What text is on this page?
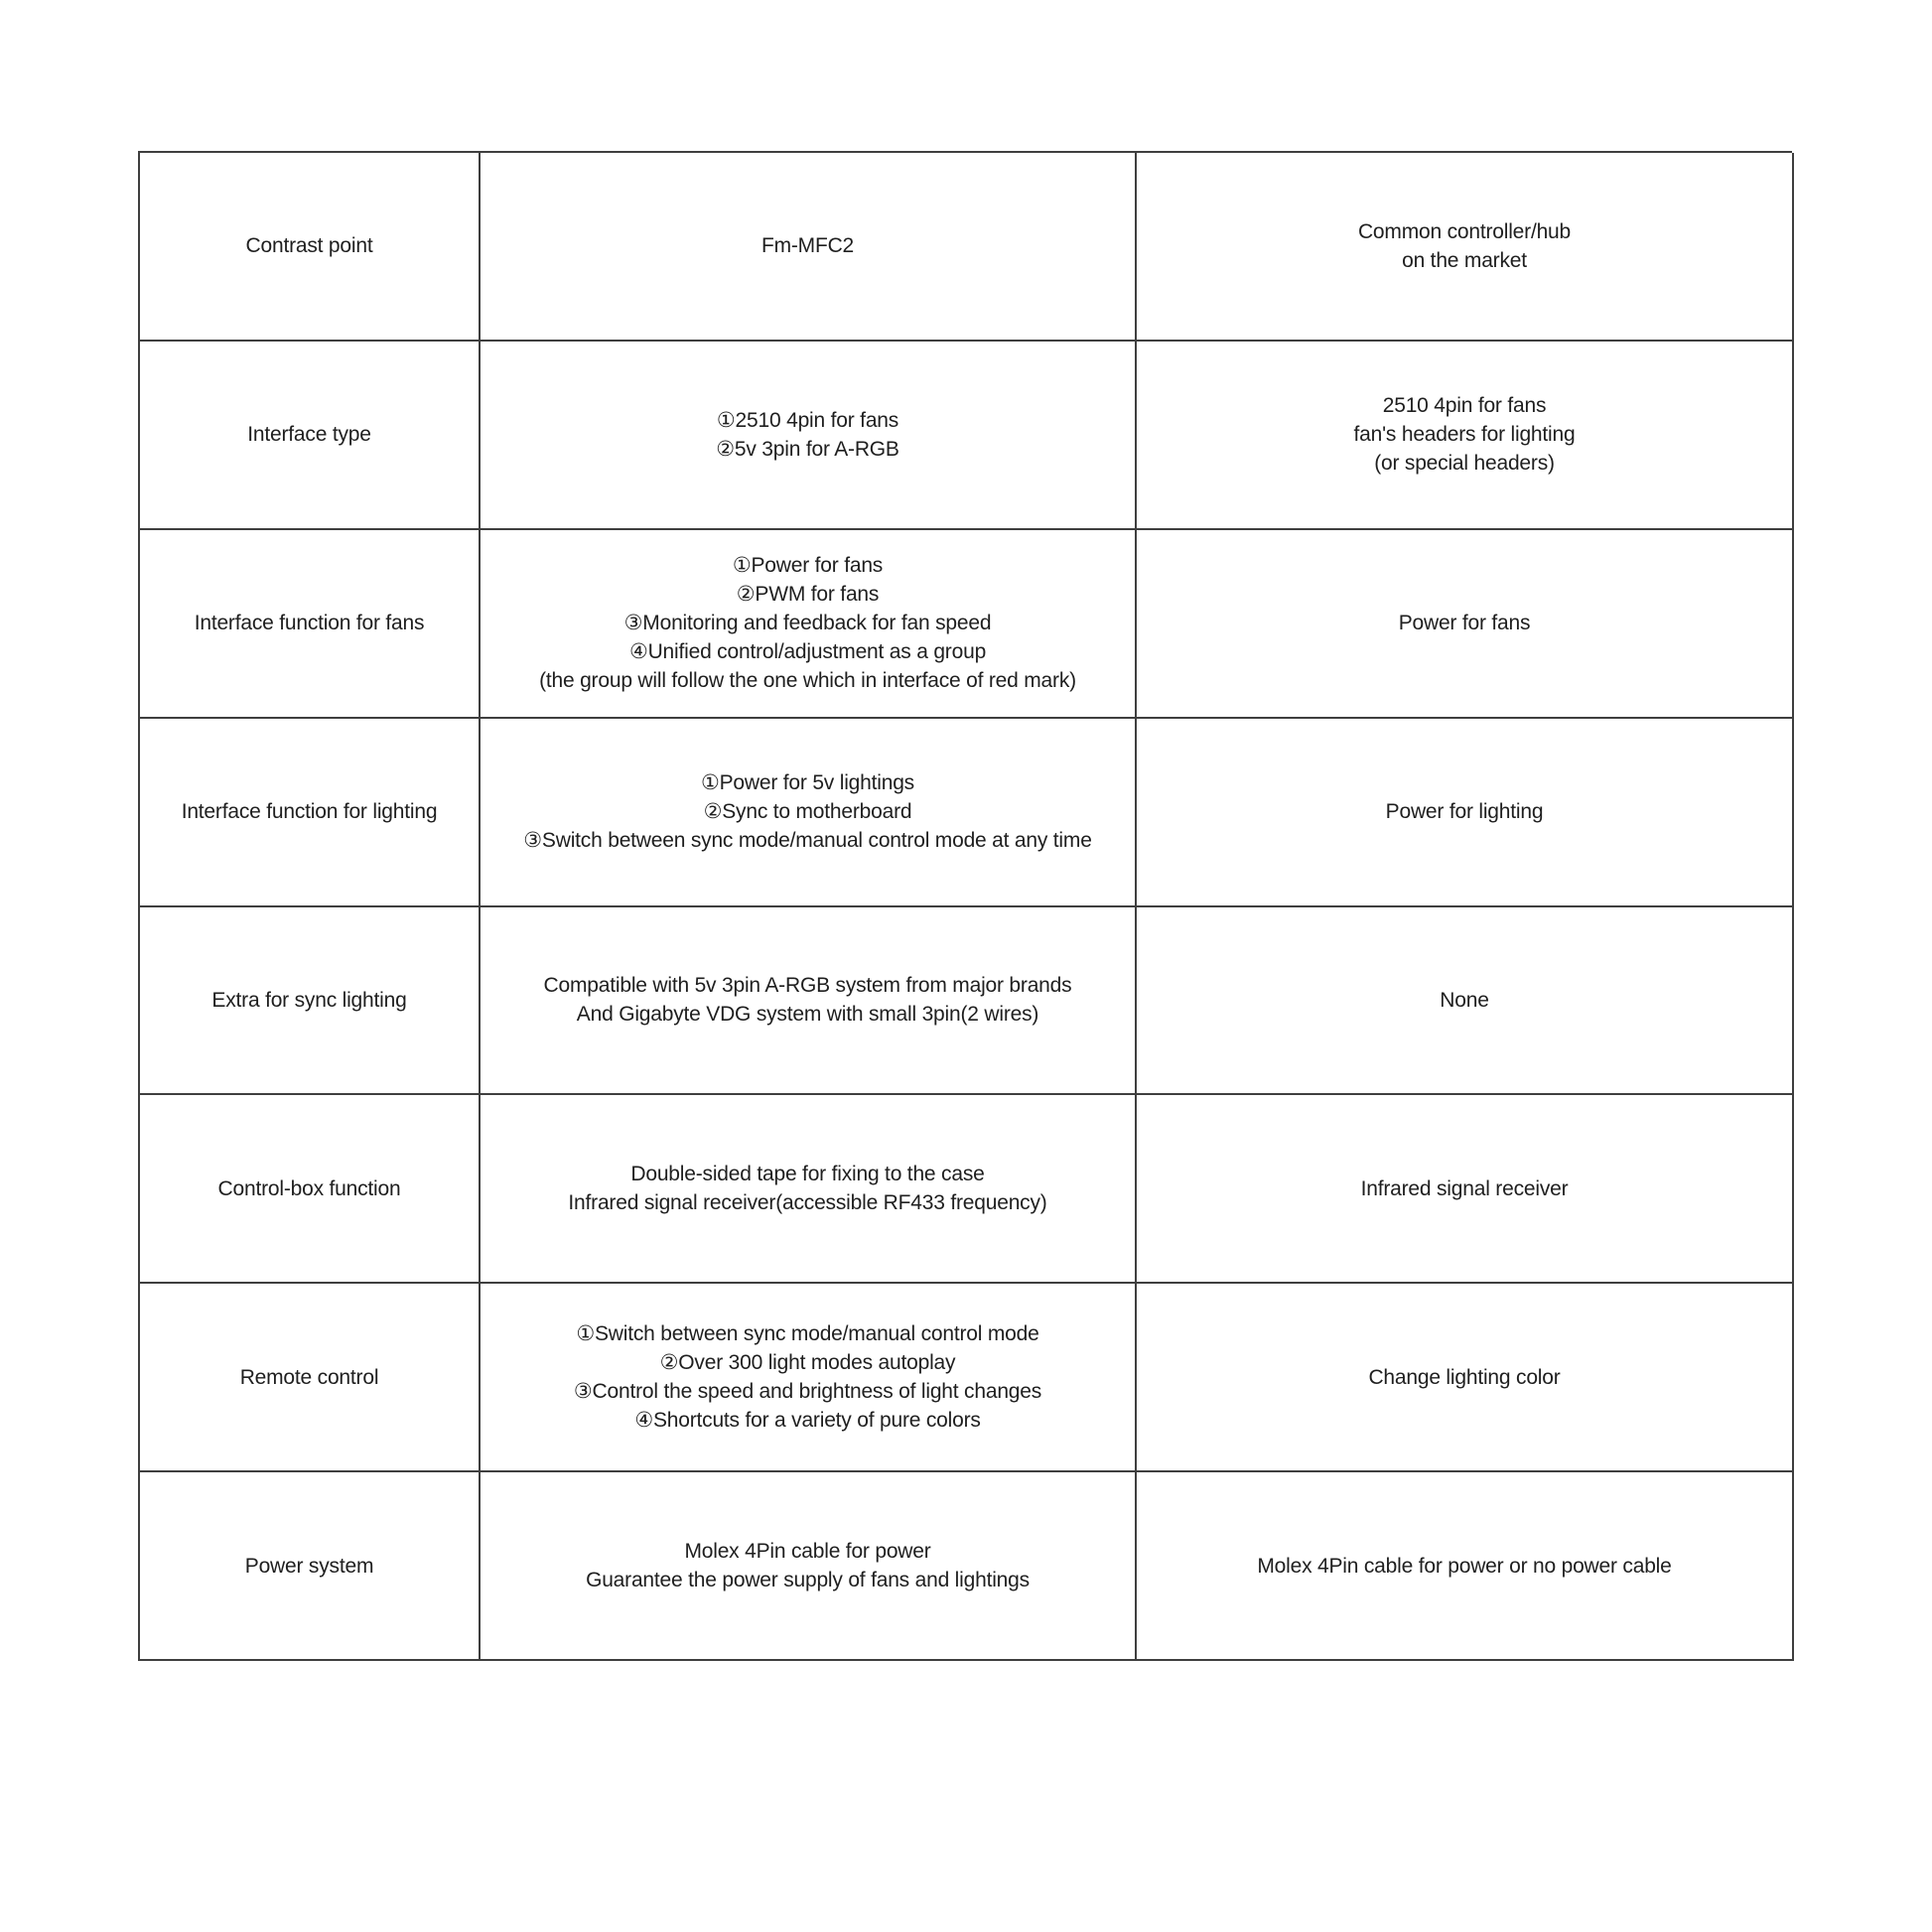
Contrast point	Fm-MFC2
Common controller/hub
on the market
Interface type
①2510 4pin for fans
②5v 3pin for A-RGB
2510 4pin for fans
fan's headers for lighting
(or special headers)
Interface function for fans
①Power for fans
②PWM for fans
③Monitoring and feedback for fan speed
④Unified control/adjustment as a group
(the group will follow the one which in interface of red mark)
Power for fans
Interface function for lighting
①Power for 5v lightings
②Sync to motherboard
③Switch between sync mode/manual control mode at any time
Power for lighting
Extra for sync lighting
Compatible with 5v 3pin A-RGB system from major brands
And Gigabyte VDG system with small 3pin(2 wires)
None
Control-box function
Double-sided tape for fixing to the case
Infrared signal receiver(accessible RF433 frequency)
Infrared signal receiver
Remote control
①Switch between sync mode/manual control mode
②Over 300 light modes autoplay
③Control the speed and brightness of light changes
④Shortcuts for a variety of pure colors
Change lighting color
Power system
Molex 4Pin cable for power
Guarantee the power supply of fans and lightings
Molex 4Pin cable for power or no power cable
